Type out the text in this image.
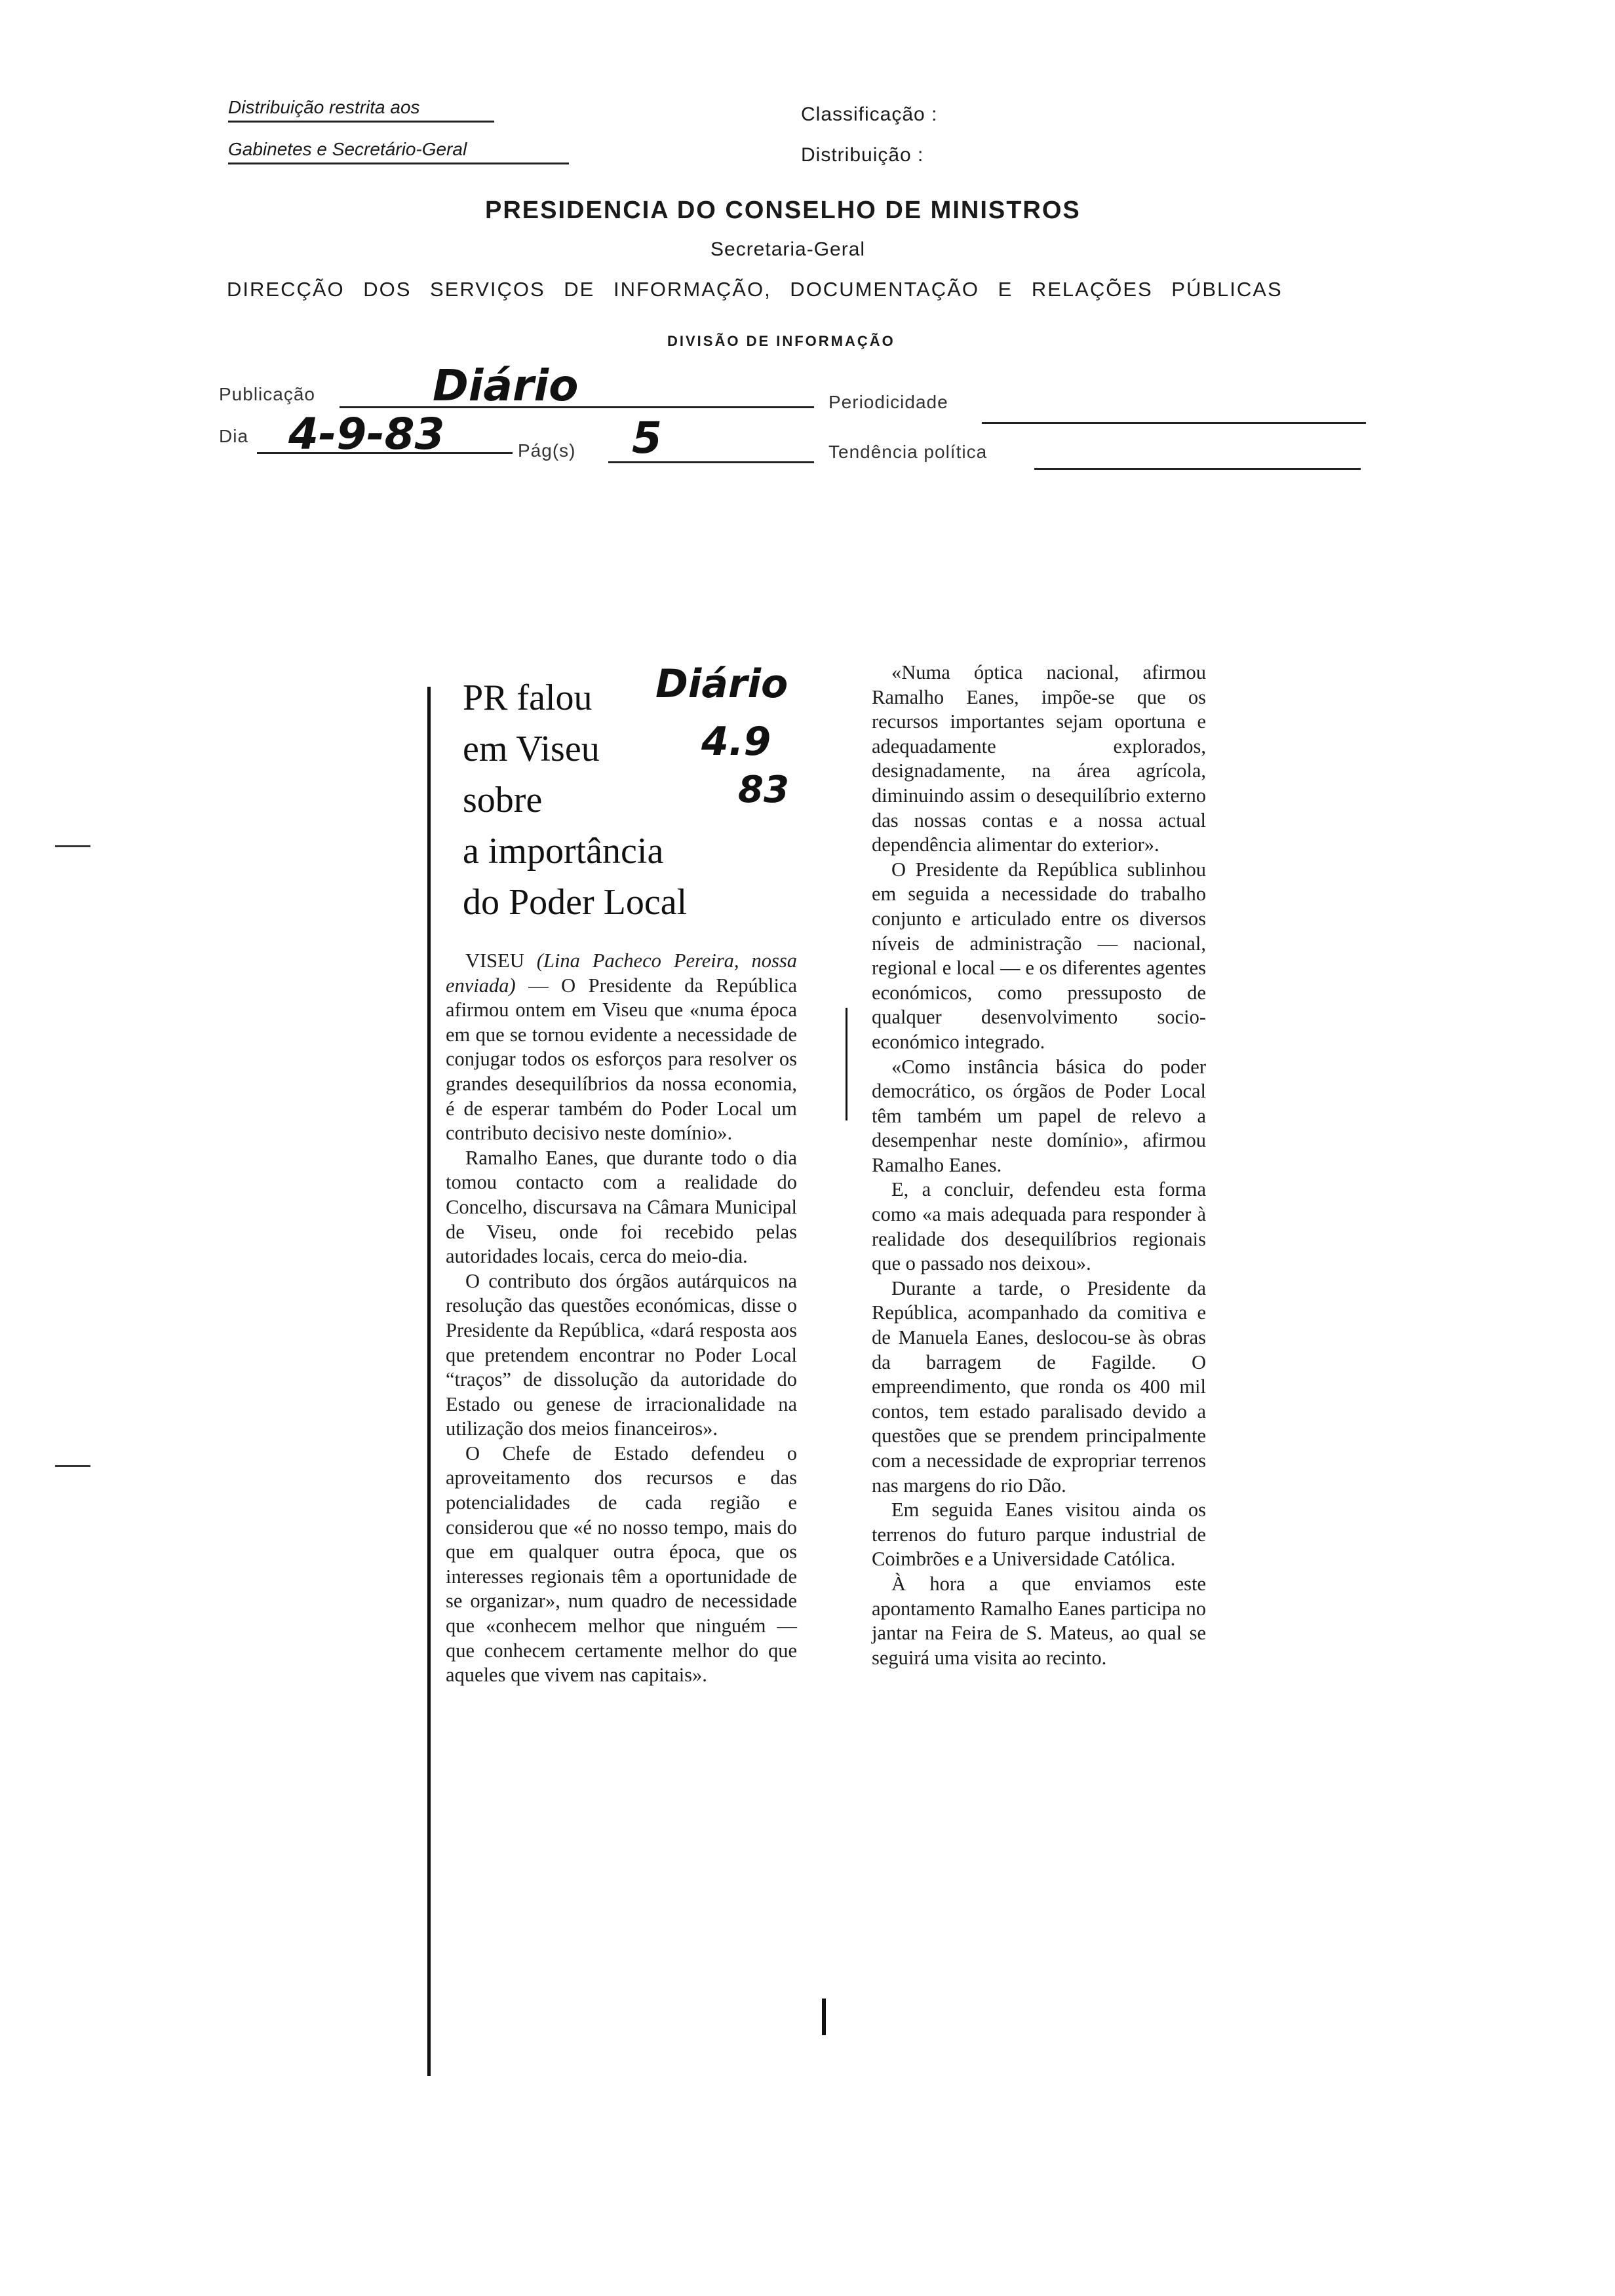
Distribuição restrita aos
Gabinetes e Secretário-Geral
Classificação :
Distribuição :
PRESIDENCIA DO CONSELHO DE MINISTROS
Secretaria-Geral
DIRECÇÃO DOS SERVIÇOS DE INFORMAÇÃO, DOCUMENTAÇÃO E RELAÇÕES PÚBLICAS
DIVISÃO DE INFORMAÇÃO
Publicação	Diário	Periodicidade
Dia 4-9-83	Pág(s) 5	Tendência política
PR falou
em Viseu
sobre
a importância
do Poder Local
Diário
4.9
83

VISEU (Lina Pacheco Pereira, nossa enviada) — O Presidente da República afirmou ontem em Viseu que «numa época em que se tornou evidente a necessidade de conjugar todos os esforços para resolver os grandes desequilíbrios da nossa economia, é de esperar também do Poder Local um contributo decisivo neste domínio».

Ramalho Eanes, que durante todo o dia tomou contacto com a realidade do Concelho, discursava na Câmara Municipal de Viseu, onde foi recebido pelas autoridades locais, cerca do meio-dia.

O contributo dos órgãos autárquicos na resolução das questões económicas, disse o Presidente da República, «dará resposta aos que pretendem encontrar no Poder Local “traços” de dissolução da autoridade do Estado ou genese de irracionalidade na utilização dos meios financeiros».

O Chefe de Estado defendeu o aproveitamento dos recursos e das potencialidades de cada região e considerou que «é no nosso tempo, mais do que em qualquer outra época, que os interesses regionais têm a oportunidade de se organizar», num quadro de necessidade que «conhecem melhor que ninguém — que conhecem certamente melhor do que aqueles que vivem nas capitais».

«Numa óptica nacional, afirmou Ramalho Eanes, impõe-se que os recursos importantes sejam oportuna e adequadamente explorados, designadamente, na área agrícola, diminuindo assim o desequilíbrio externo das nossas contas e a nossa actual dependência alimentar do exterior».

O Presidente da República sublinhou em seguida a necessidade do trabalho conjunto e articulado entre os diversos níveis de administração — nacional, regional e local — e os diferentes agentes económicos, como pressuposto de qualquer desenvolvimento socio-económico integrado.

«Como instância básica do poder democrático, os órgãos de Poder Local têm também um papel de relevo a desempenhar neste domínio», afirmou Ramalho Eanes.

E, a concluir, defendeu esta forma como «a mais adequada para responder à realidade dos desequilíbrios regionais que o passado nos deixou».

Durante a tarde, o Presidente da República, acompanhado da comitiva e de Manuela Eanes, deslocou-se às obras da barragem de Fagilde. O empreendimento, que ronda os 400 mil contos, tem estado paralisado devido a questões que se prendem principalmente com a necessidade de expropriar terrenos nas margens do rio Dão.

Em seguida Eanes visitou ainda os terrenos do futuro parque industrial de Coimbrões e a Universidade Católica.

À hora a que enviamos este apontamento Ramalho Eanes participa no jantar na Feira de S. Mateus, ao qual se seguirá uma visita ao recinto.
